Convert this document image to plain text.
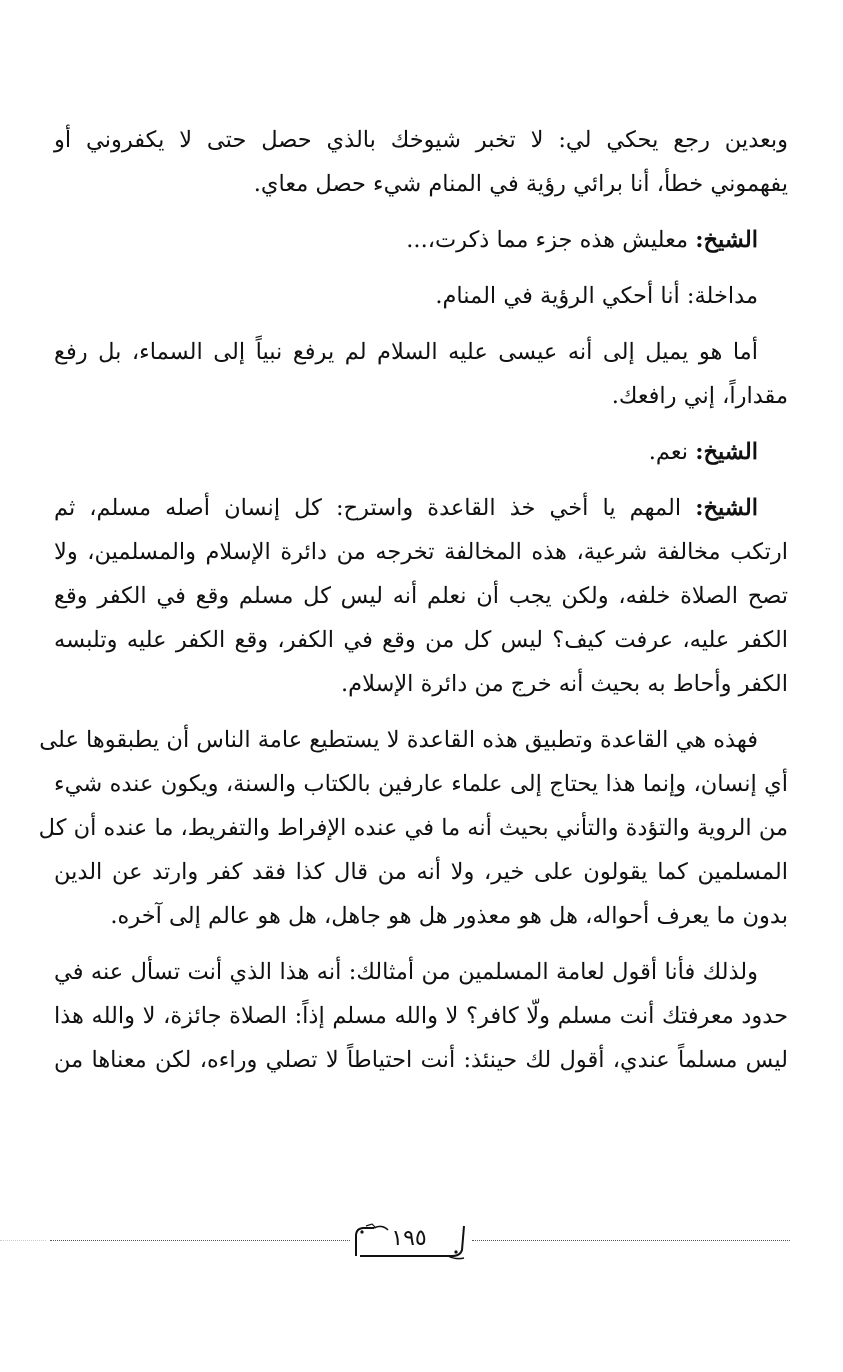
وبعدين رجع يحكي لي: لا تخبر شيوخك بالذي حصل حتى لا يكفروني أو
يفهموني خطأ، أنا برائي رؤية في المنام شيء حصل معاي.

الشيخ: معليش هذه جزء مما ذكرت،...

مداخلة: أنا أحكي الرؤية في المنام.

أما هو يميل إلى أنه عيسى عليه السلام لم يرفع نبياً إلى السماء، بل رفع
مقداراً، إني رافعك.

الشيخ: نعم.

الشيخ: المهم يا أخي خذ القاعدة واسترح: كل إنسان أصله مسلم، ثم
ارتكب مخالفة شرعية، هذه المخالفة تخرجه من دائرة الإسلام والمسلمين، ولا
تصح الصلاة خلفه، ولكن يجب أن نعلم أنه ليس كل مسلم وقع في الكفر وقع
الكفر عليه، عرفت كيف؟ ليس كل من وقع في الكفر، وقع الكفر عليه وتلبسه
الكفر وأحاط به بحيث أنه خرج من دائرة الإسلام.

فهذه هي القاعدة وتطبيق هذه القاعدة لا يستطيع عامة الناس أن يطبقوها على
أي إنسان، وإنما هذا يحتاج إلى علماء عارفين بالكتاب والسنة، ويكون عنده شيء
من الروية والتؤدة والتأني بحيث أنه ما في عنده الإفراط والتفريط، ما عنده أن كل
المسلمين كما يقولون على خير، ولا أنه من قال كذا فقد كفر وارتد عن الدين
بدون ما يعرف أحواله، هل هو معذور هل هو جاهل، هل هو عالم إلى آخره.

ولذلك فأنا أقول لعامة المسلمين من أمثالك: أنه هذا الذي أنت تسأل عنه في
حدود معرفتك أنت مسلم ولّا كافر؟ لا والله مسلم إذاً: الصلاة جائزة، لا والله هذا
ليس مسلماً عندي، أقول لك حينئذ: أنت احتياطاً لا تصلي وراءه، لكن معناها من

١٩٥
